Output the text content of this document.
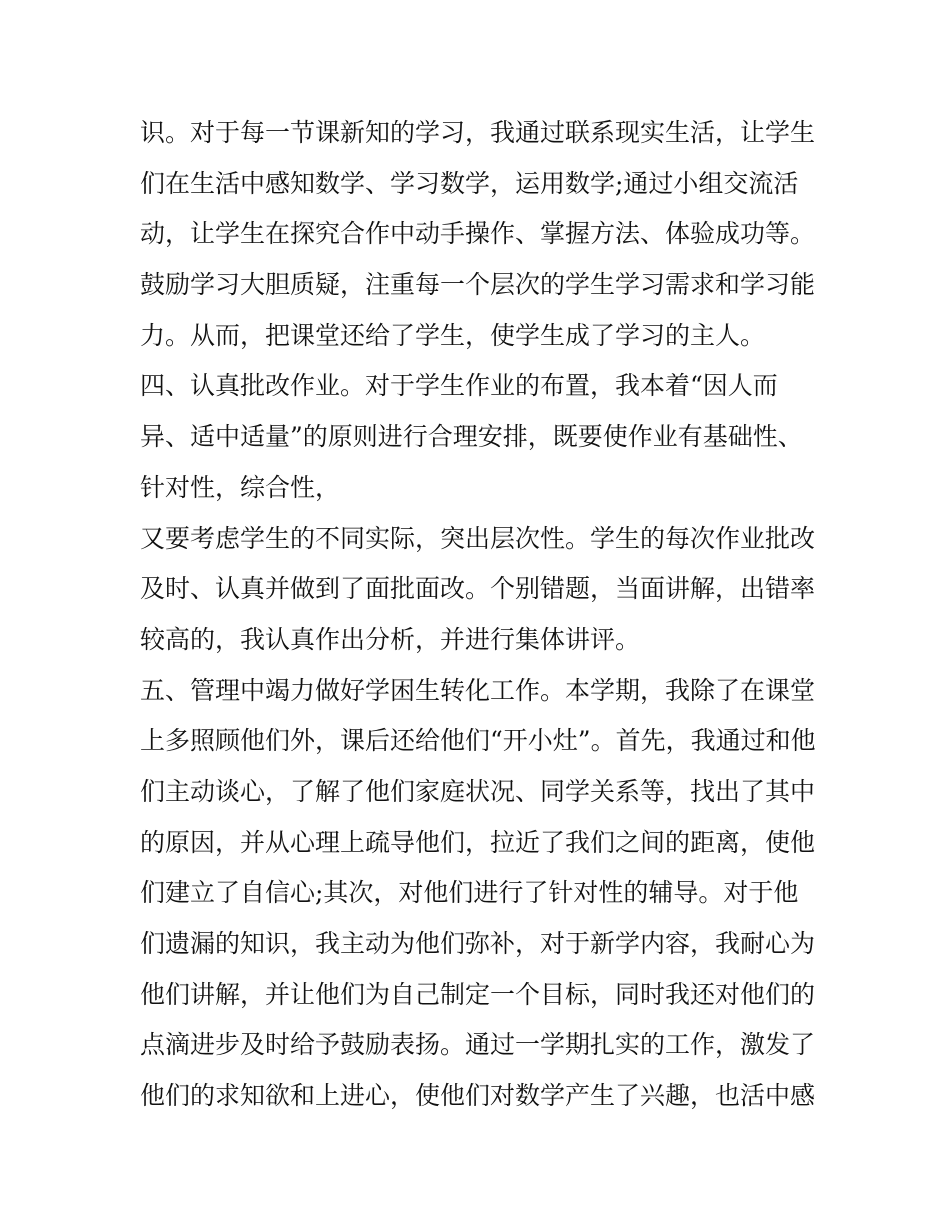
识。对于每一节课新知的学习，我通过联系现实生活，让学生
们在生活中感知数学、学习数学，运用数学;通过小组交流活
动，让学生在探究合作中动手操作、掌握方法、体验成功等。
鼓励学习大胆质疑，注重每一个层次的学生学习需求和学习能
力。从而，把课堂还给了学生，使学生成了学习的主人。
四、认真批改作业。对于学生作业的布置，我本着“因人而
异、适中适量”的原则进行合理安排，既要使作业有基础性、
针对性，综合性，
又要考虑学生的不同实际，突出层次性。学生的每次作业批改
及时、认真并做到了面批面改。个别错题，当面讲解，出错率
较高的，我认真作出分析，并进行集体讲评。
五、管理中竭力做好学困生转化工作。本学期，我除了在课堂
上多照顾他们外，课后还给他们“开小灶”。首先，我通过和他
们主动谈心，了解了他们家庭状况、同学关系等，找出了其中
的原因，并从心理上疏导他们，拉近了我们之间的距离，使他
们建立了自信心;其次，对他们进行了针对性的辅导。对于他
们遗漏的知识，我主动为他们弥补，对于新学内容，我耐心为
他们讲解，并让他们为自己制定一个目标，同时我还对他们的
点滴进步及时给予鼓励表扬。通过一学期扎实的工作，激发了
他们的求知欲和上进心，使他们对数学产生了兴趣，也活中感
